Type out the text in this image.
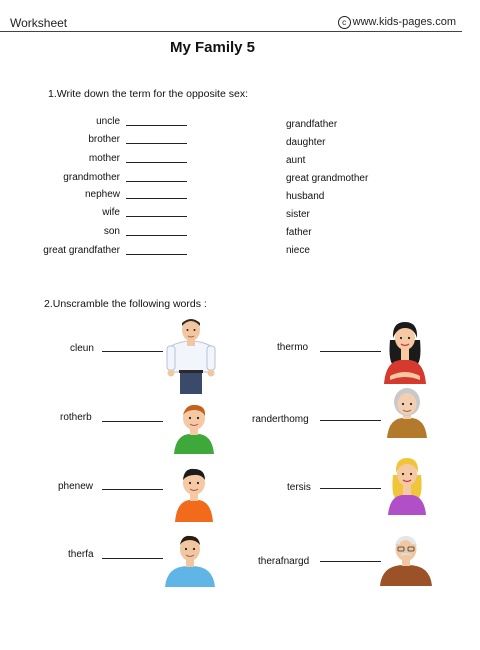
Worksheet	c www.kids-pages.com
My Family 5
1.Write down the term for the opposite sex:
uncle
brother
mother
grandmother
nephew
wife
son
great grandfather
grandfather
daughter
aunt
great grandmother
husband
sister
father
niece
2.Unscramble the following words :
cleun
rotherb
phenew
therfa
thermo
randerthomg
tersis
therafnargd
